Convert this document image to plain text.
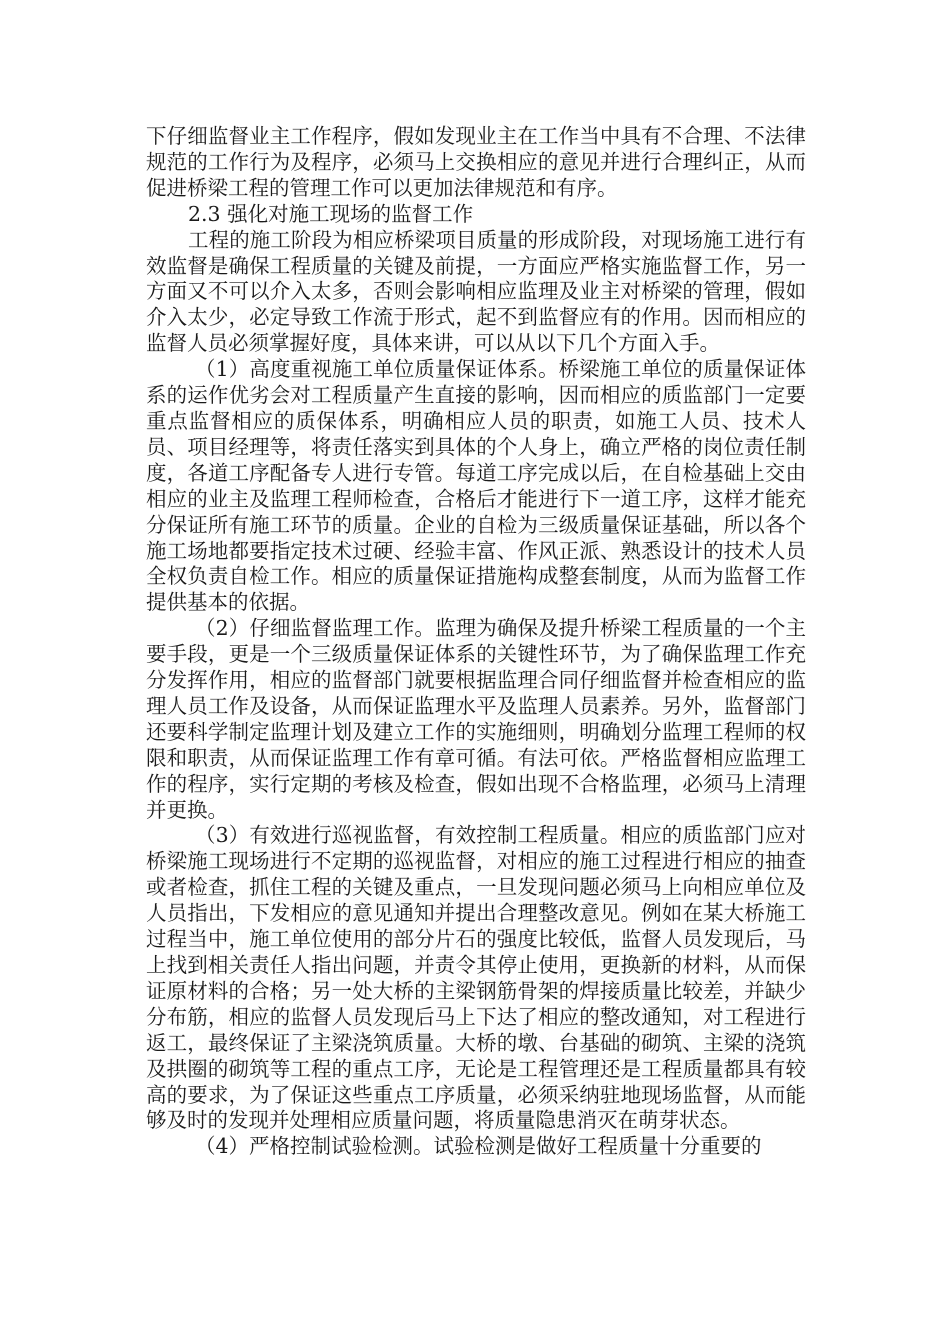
下仔细监督业主工作程序，假如发现业主在工作当中具有不合理、不法律规范的工作行为及程序，必须马上交换相应的意见并进行合理纠正，从而促进桥梁工程的管理工作可以更加法律规范和有序。

2.3 强化对施工现场的监督工作

工程的施工阶段为相应桥梁项目质量的形成阶段，对现场施工进行有效监督是确保工程质量的关键及前提，一方面应严格实施监督工作，另一方面又不可以介入太多，否则会影响相应监理及业主对桥梁的管理，假如介入太少，必定导致工作流于形式，起不到监督应有的作用。因而相应的监督人员必须掌握好度，具体来讲，可以从以下几个方面入手。

（1）高度重视施工单位质量保证体系。桥梁施工单位的质量保证体系的运作优劣会对工程质量产生直接的影响，因而相应的质监部门一定要重点监督相应的质保体系，明确相应人员的职责，如施工人员、技术人员、项目经理等，将责任落实到具体的个人身上，确立严格的岗位责任制度，各道工序配备专人进行专管。每道工序完成以后，在自检基础上交由相应的业主及监理工程师检查，合格后才能进行下一道工序，这样才能充分保证所有施工环节的质量。企业的自检为三级质量保证基础，所以各个施工场地都要指定技术过硬、经验丰富、作风正派、熟悉设计的技术人员全权负责自检工作。相应的质量保证措施构成整套制度，从而为监督工作提供基本的依据。

（2）仔细监督监理工作。监理为确保及提升桥梁工程质量的一个主要手段，更是一个三级质量保证体系的关键性环节，为了确保监理工作充分发挥作用，相应的监督部门就要根据监理合同仔细监督并检查相应的监理人员工作及设备，从而保证监理水平及监理人员素养。另外，监督部门还要科学制定监理计划及建立工作的实施细则，明确划分监理工程师的权限和职责，从而保证监理工作有章可循。有法可依。严格监督相应监理工作的程序，实行定期的考核及检查，假如出现不合格监理，必须马上清理并更换。

（3）有效进行巡视监督，有效控制工程质量。相应的质监部门应对桥梁施工现场进行不定期的巡视监督，对相应的施工过程进行相应的抽查或者检查，抓住工程的关键及重点，一旦发现问题必须马上向相应单位及人员指出，下发相应的意见通知并提出合理整改意见。例如在某大桥施工过程当中，施工单位使用的部分片石的强度比较低，监督人员发现后，马上找到相关责任人指出问题，并责令其停止使用，更换新的材料，从而保证原材料的合格；另一处大桥的主梁钢筋骨架的焊接质量比较差，并缺少分布筋，相应的监督人员发现后马上下达了相应的整改通知，对工程进行返工，最终保证了主梁浇筑质量。大桥的墩、台基础的砌筑、主梁的浇筑及拱圈的砌筑等工程的重点工序，无论是工程管理还是工程质量都具有较高的要求，为了保证这些重点工序质量，必须采纳驻地现场监督，从而能够及时的发现并处理相应质量问题，将质量隐患消灭在萌芽状态。

（4）严格控制试验检测。试验检测是做好工程质量十分重要的
